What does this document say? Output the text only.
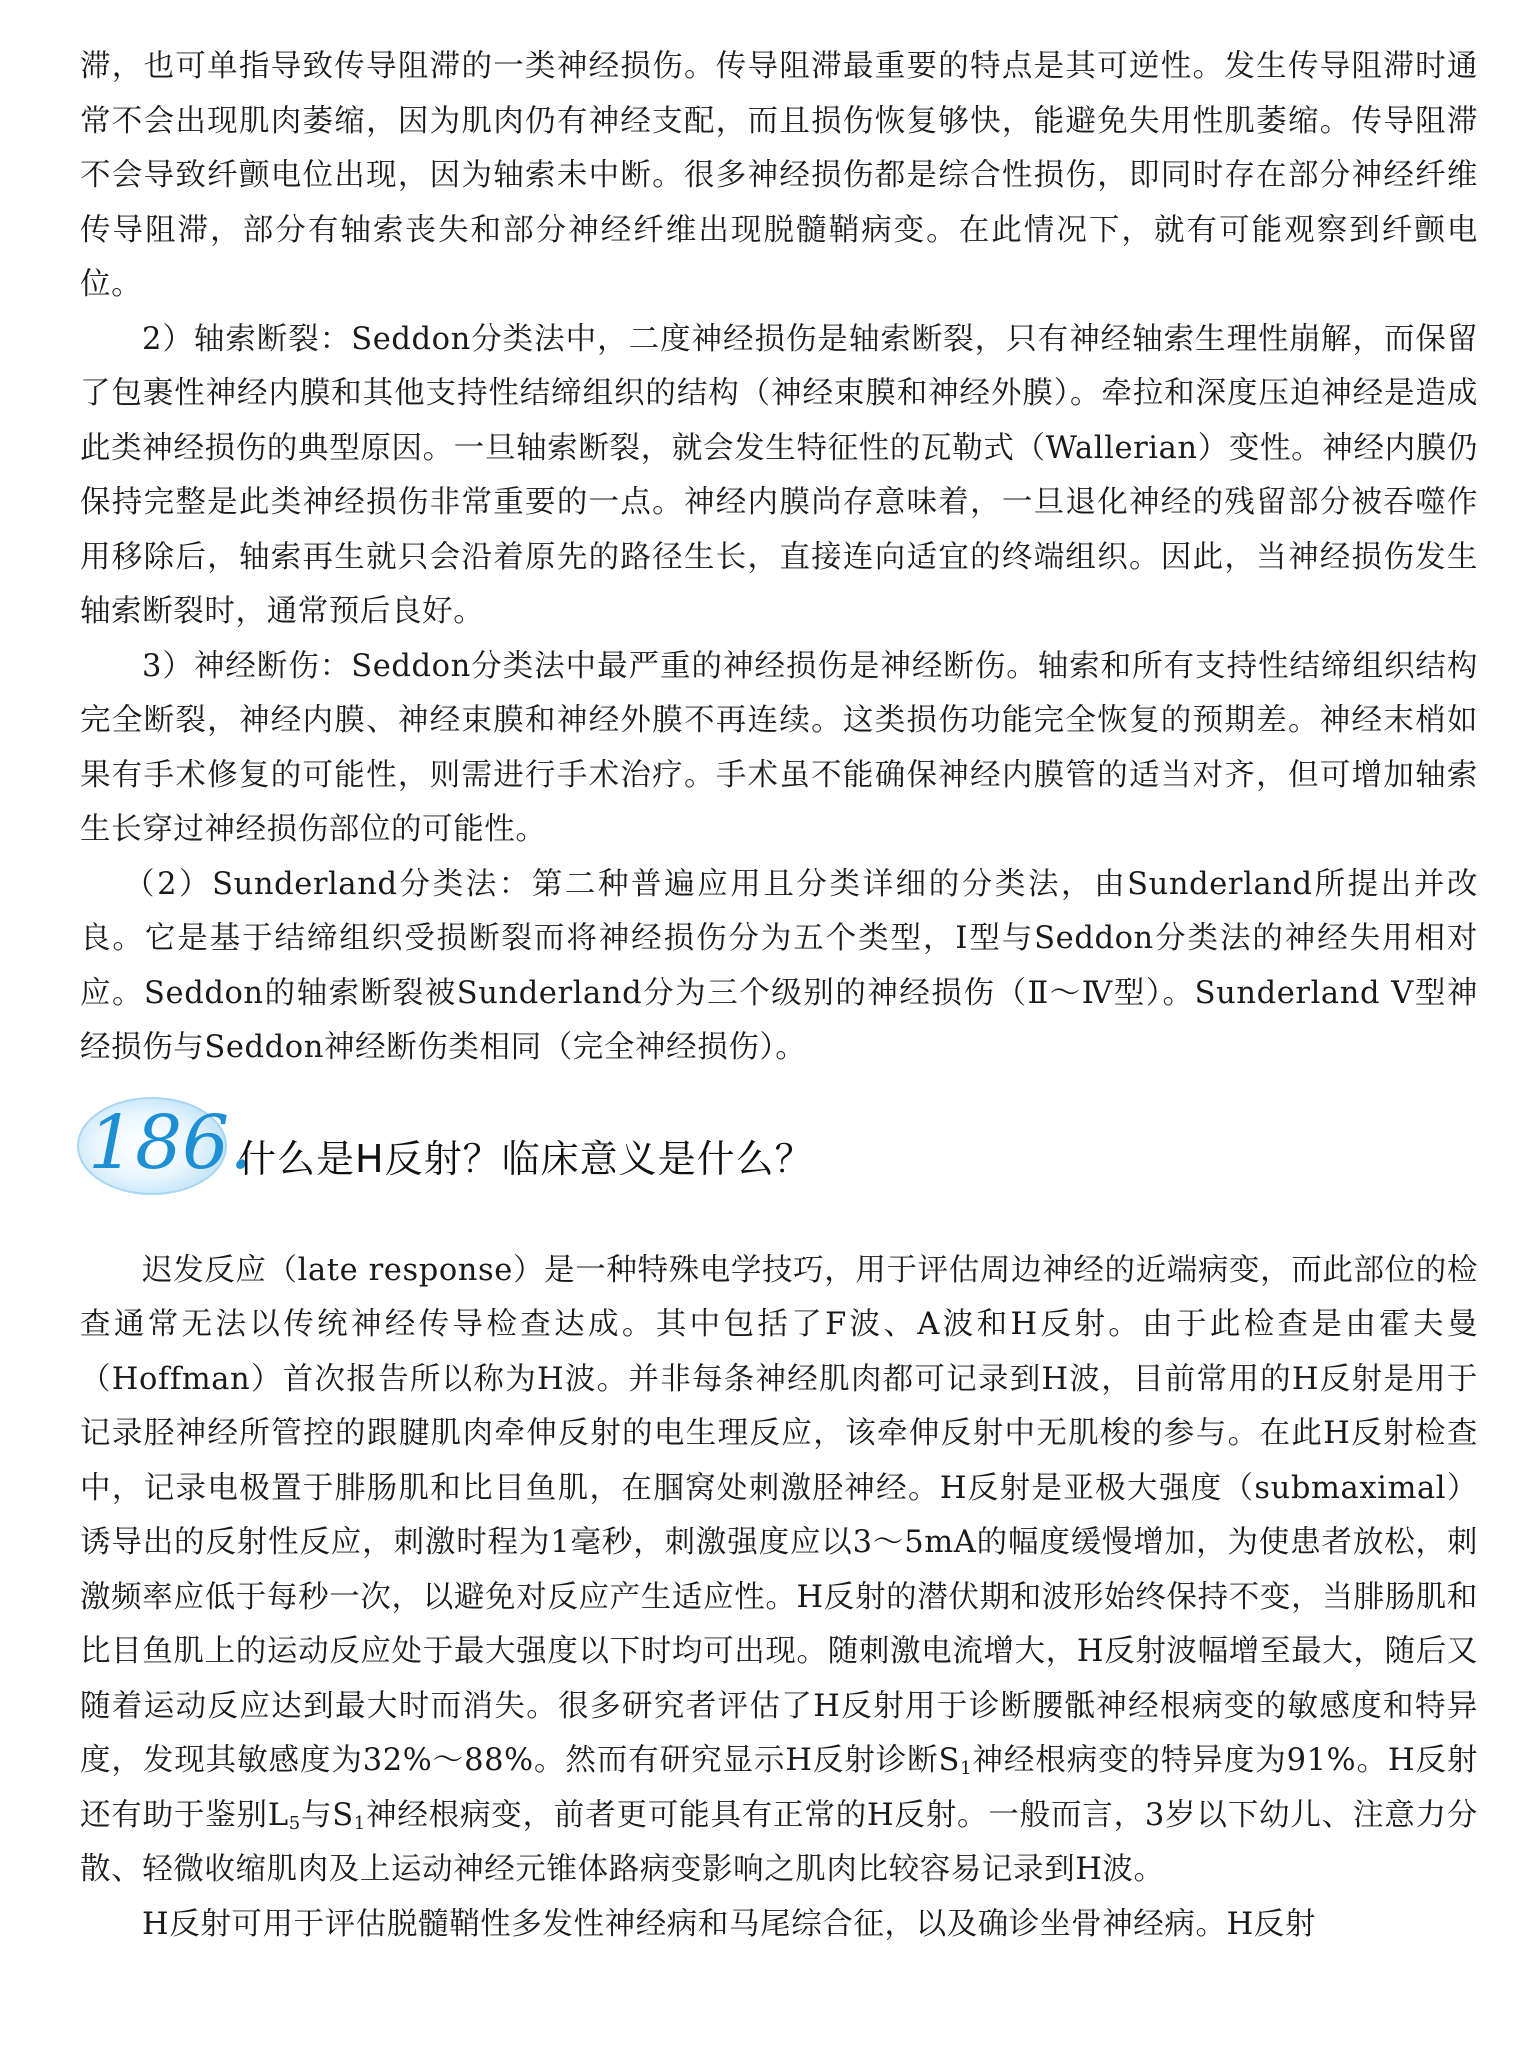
滞，也可单指导致传导阻滞的一类神经损伤。传导阻滞最重要的特点是其可逆性。发生传导阻滞时通常不会出现肌肉萎缩，因为肌肉仍有神经支配，而且损伤恢复够快，能避免失用性肌萎缩。传导阻滞不会导致纤颤电位出现，因为轴索未中断。很多神经损伤都是综合性损伤，即同时存在部分神经纤维传导阻滞，部分有轴索丧失和部分神经纤维出现脱髓鞘病变。在此情况下，就有可能观察到纤颤电位。

2）轴索断裂：Seddon分类法中，二度神经损伤是轴索断裂，只有神经轴索生理性崩解，而保留了包裹性神经内膜和其他支持性结缔组织的结构（神经束膜和神经外膜）。牵拉和深度压迫神经是造成此类神经损伤的典型原因。一旦轴索断裂，就会发生特征性的瓦勒式（Wallerian）变性。神经内膜仍保持完整是此类神经损伤非常重要的一点。神经内膜尚存意味着，一旦退化神经的残留部分被吞噬作用移除后，轴索再生就只会沿着原先的路径生长，直接连向适宜的终端组织。因此，当神经损伤发生轴索断裂时，通常预后良好。

3）神经断伤：Seddon分类法中最严重的神经损伤是神经断伤。轴索和所有支持性结缔组织结构完全断裂，神经内膜、神经束膜和神经外膜不再连续。这类损伤功能完全恢复的预期差。神经末梢如果有手术修复的可能性，则需进行手术治疗。手术虽不能确保神经内膜管的适当对齐，但可增加轴索生长穿过神经损伤部位的可能性。

（2）Sunderland分类法：第二种普遍应用且分类详细的分类法，由Sunderland所提出并改良。它是基于结缔组织受损断裂而将神经损伤分为五个类型，Ⅰ型与Seddon分类法的神经失用相对应。Seddon的轴索断裂被Sunderland分为三个级别的神经损伤（Ⅱ～Ⅳ型）。Sunderland Ⅴ型神经损伤与Seddon神经断伤类相同（完全神经损伤）。

186.
什么是H反射？临床意义是什么？

迟发反应（late response）是一种特殊电学技巧，用于评估周边神经的近端病变，而此部位的检查通常无法以传统神经传导检查达成。其中包括了F波、A波和H反射。由于此检查是由霍夫曼（Hoffman）首次报告所以称为H波。并非每条神经肌肉都可记录到H波，目前常用的H反射是用于记录胫神经所管控的跟腱肌肉牵伸反射的电生理反应，该牵伸反射中无肌梭的参与。在此H反射检查中，记录电极置于腓肠肌和比目鱼肌，在腘窝处刺激胫神经。H反射是亚极大强度（submaximal）诱导出的反射性反应，刺激时程为1毫秒，刺激强度应以3～5mA的幅度缓慢增加，为使患者放松，刺激频率应低于每秒一次，以避免对反应产生适应性。H反射的潜伏期和波形始终保持不变，当腓肠肌和比目鱼肌上的运动反应处于最大强度以下时均可出现。随刺激电流增大，H反射波幅增至最大，随后又随着运动反应达到最大时而消失。很多研究者评估了H反射用于诊断腰骶神经根病变的敏感度和特异度，发现其敏感度为32%～88%。然而有研究显示H反射诊断$S_1$神经根病变的特异度为91%。H反射还有助于鉴别$L_5$与$S_1$神经根病变，前者更可能具有正常的H反射。一般而言，3岁以下幼儿、注意力分散、轻微收缩肌肉及上运动神经元锥体路病变影响之肌肉比较容易记录到H波。

H反射可用于评估脱髓鞘性多发性神经病和马尾综合征，以及确诊坐骨神经病。H反射
